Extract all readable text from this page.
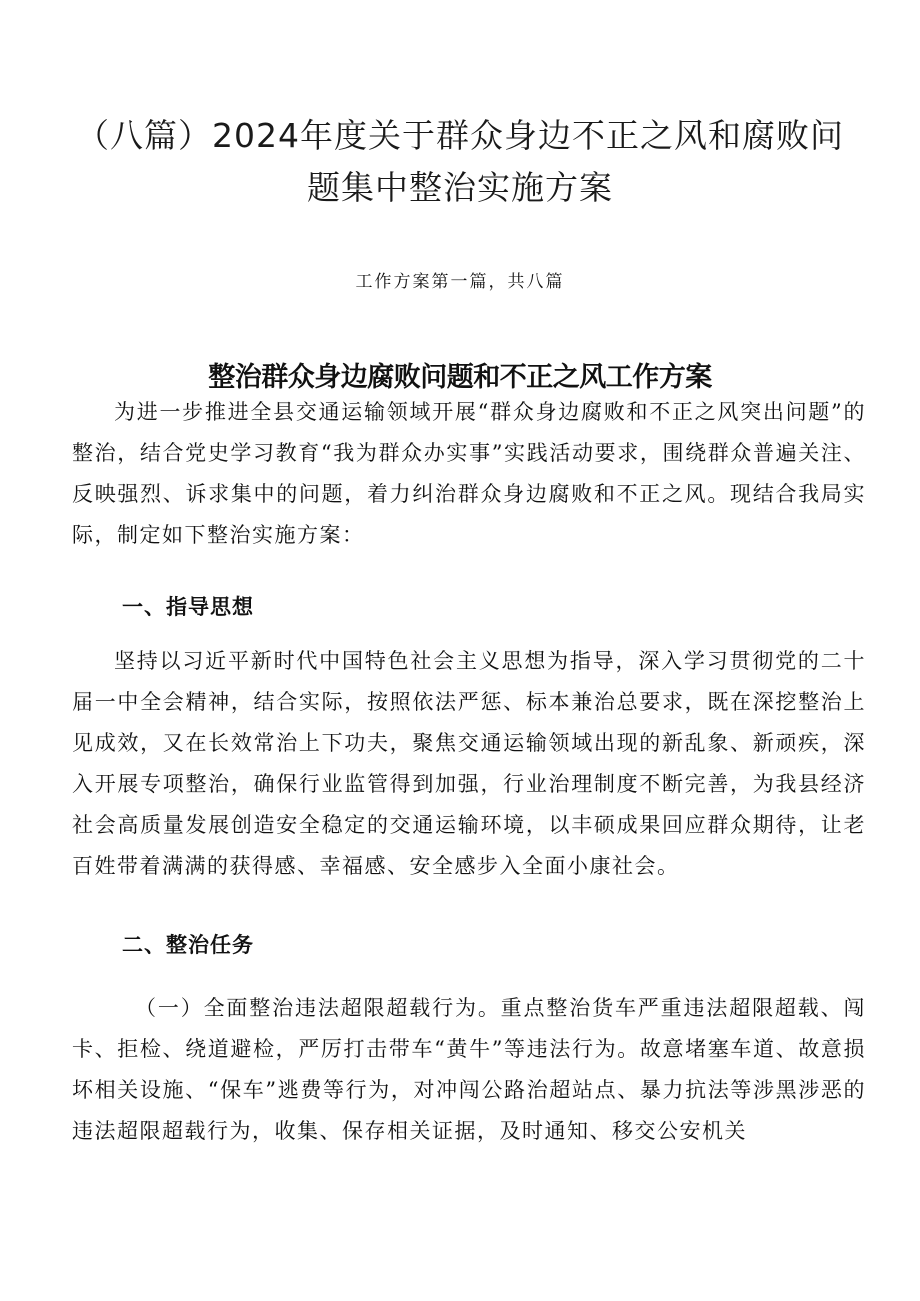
（八篇）2024年度关于群众身边不正之风和腐败问题集中整治实施方案
工作方案第一篇，共八篇
整治群众身边腐败问题和不正之风工作方案

为进一步推进全县交通运输领域开展“群众身边腐败和不正之风突出问题”的整治，结合党史学习教育“我为群众办实事”实践活动要求，围绕群众普遍关注、反映强烈、诉求集中的问题，着力纠治群众身边腐败和不正之风。现结合我局实际，制定如下整治实施方案：

一、指导思想

坚持以习近平新时代中国特色社会主义思想为指导，深入学习贯彻党的二十届一中全会精神，结合实际，按照依法严惩、标本兼治总要求，既在深挖整治上见成效，又在长效常治上下功夫，聚焦交通运输领域出现的新乱象、新顽疾，深入开展专项整治，确保行业监管得到加强，行业治理制度不断完善，为我县经济社会高质量发展创造安全稳定的交通运输环境，以丰硕成果回应群众期待，让老百姓带着满满的获得感、幸福感、安全感步入全面小康社会。

二、整治任务

（一）全面整治违法超限超载行为。重点整治货车严重违法超限超载、闯卡、拒检、绕道避检，严厉打击带车“黄牛”等违法行为。故意堵塞车道、故意损坏相关设施、“保车”逃费等行为，对冲闯公路治超站点、暴力抗法等涉黑涉恶的违法超限超载行为，收集、保存相关证据，及时通知、移交公安机关
